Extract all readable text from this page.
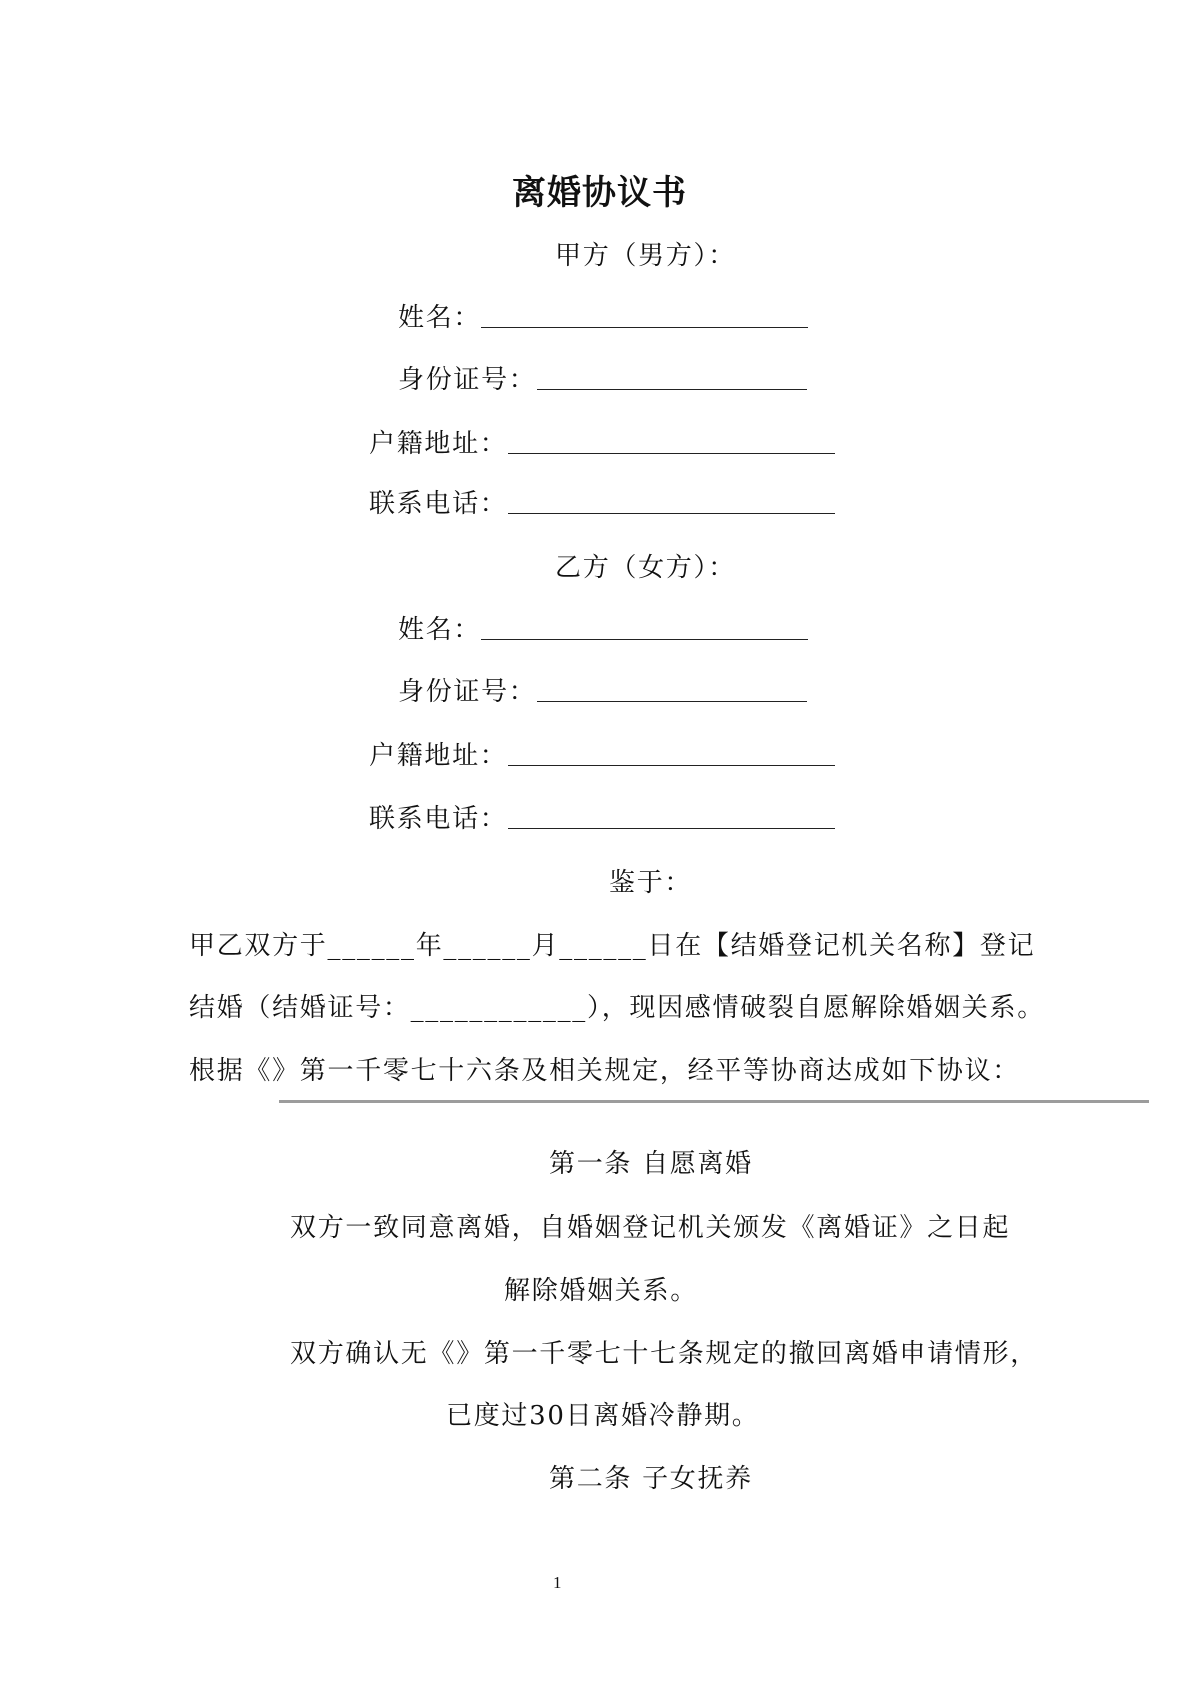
离婚协议书
甲方（男方）：
姓名：
身份证号：
户籍地址：
联系电话：
乙方（女方）：
姓名：
身份证号：
户籍地址：
联系电话：
鉴于：
甲乙双方于______年______月______日在【结婚登记机关名称】登记
结婚（结婚证号：____________），现因感情破裂自愿解除婚姻关系。
根据《》第一千零七十六条及相关规定，经平等协商达成如下协议：
第一条 自愿离婚
双方一致同意离婚，自婚姻登记机关颁发《离婚证》之日起
解除婚姻关系。
双方确认无《》第一千零七十七条规定的撤回离婚申请情形，
已度过30日离婚冷静期。
第二条 子女抚养
1
